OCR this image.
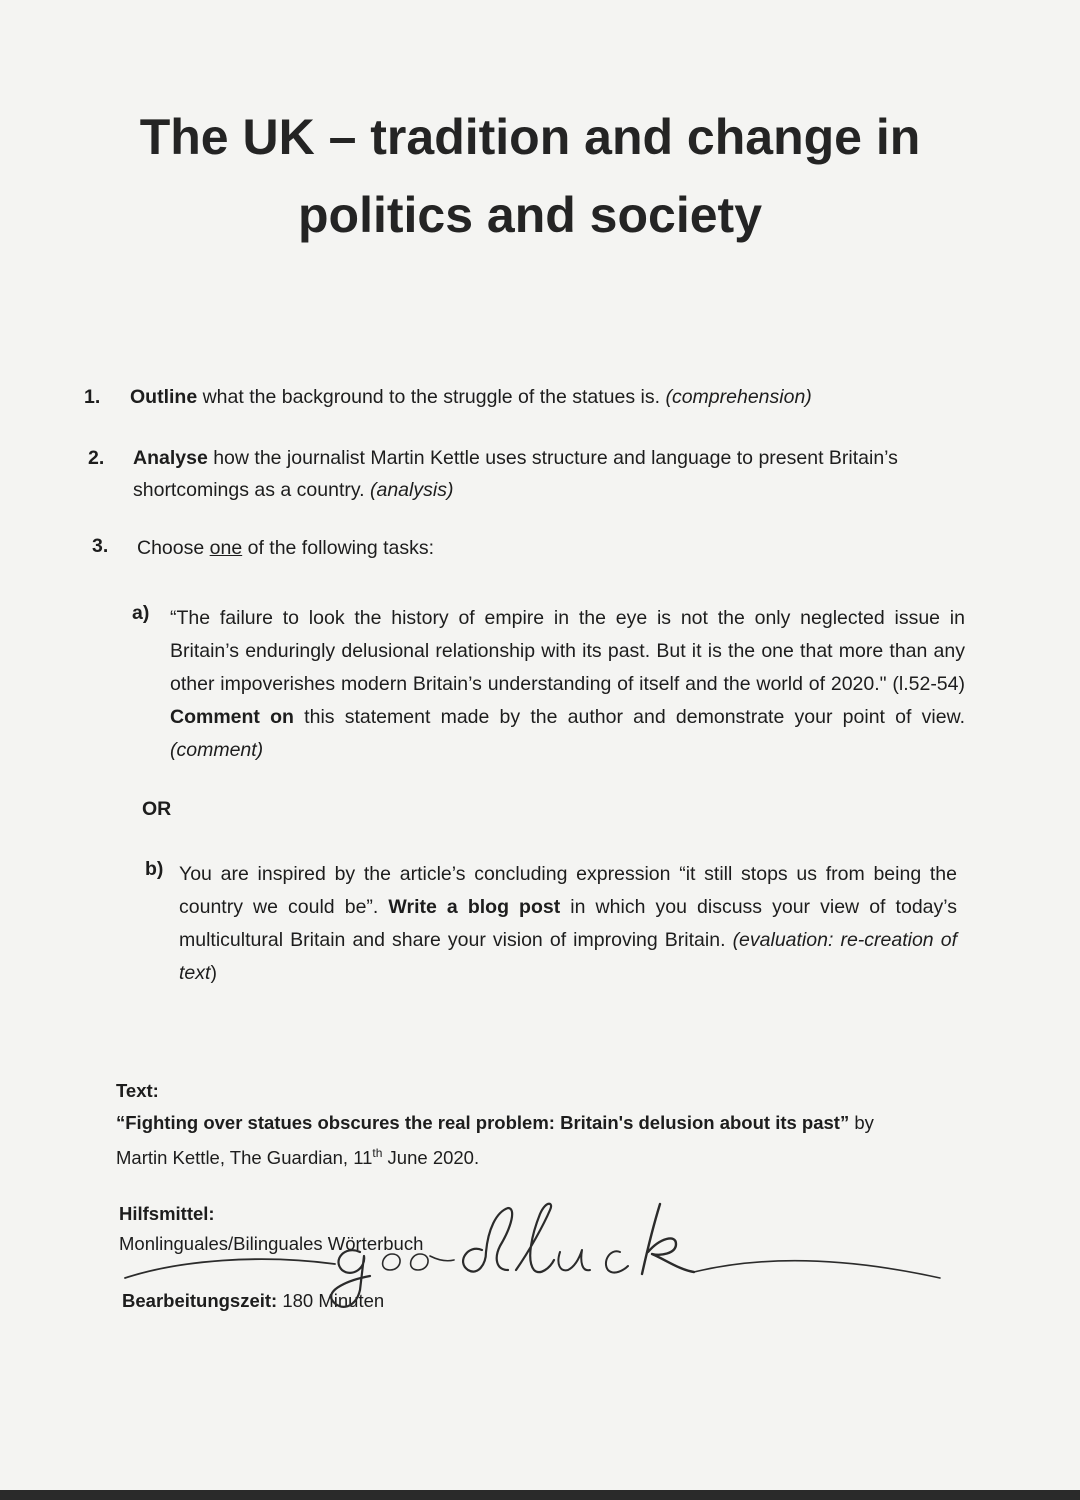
The UK – tradition and change in
politics and society
1. Outline what the background to the struggle of the statues is. (comprehension)
2. Analyse how the journalist Martin Kettle uses structure and language to present Britain’s shortcomings as a country. (analysis)
3. Choose one of the following tasks:
a) “The failure to look the history of empire in the eye is not the only neglected issue in Britain’s enduringly delusional relationship with its past. But it is the one that more than any other impoverishes modern Britain’s understanding of itself and the world of 2020." (l.52-54) Comment on this statement made by the author and demonstrate your point of view. (comment)
OR
b) You are inspired by the article’s concluding expression “it still stops us from being the country we could be”. Write a blog post in which you discuss your view of today’s multicultural Britain and share your vision of improving Britain. (evaluation: re-creation of text)
Text:
“Fighting over statues obscures the real problem: Britain's delusion about its past” by
Martin Kettle, The Guardian, 11th June 2020.
Hilfsmittel:
Monlinguales/Bilinguales Wörterbuch
Bearbeitungszeit: 180 Minuten
